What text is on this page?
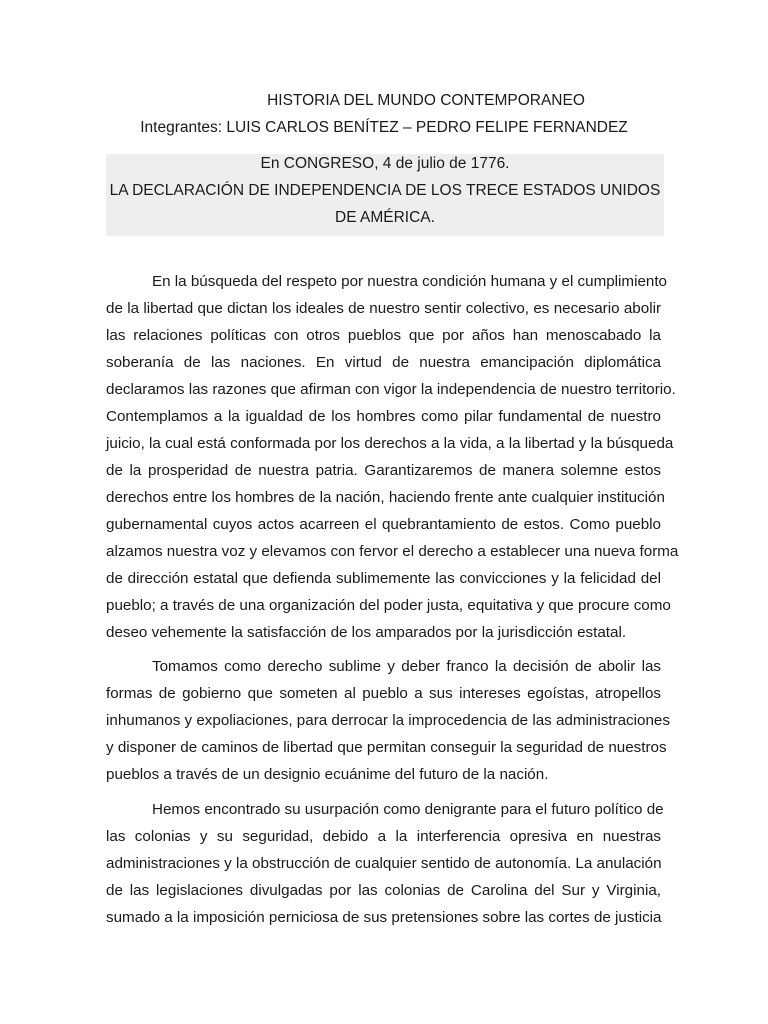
HISTORIA DEL MUNDO CONTEMPORANEO
Integrantes: LUIS CARLOS BENÍTEZ – PEDRO FELIPE FERNANDEZ
En CONGRESO, 4 de julio de 1776.
LA DECLARACIÓN DE INDEPENDENCIA DE LOS TRECE ESTADOS UNIDOS
DE AMÉRICA.
En la búsqueda del respeto por nuestra condición humana y el cumplimiento
de la libertad que dictan los ideales de nuestro sentir colectivo, es necesario abolir
las relaciones políticas con otros pueblos que por años han menoscabado la
soberanía de las naciones. En virtud de nuestra emancipación diplomática
declaramos las razones que afirman con vigor la independencia de nuestro territorio.
Contemplamos a la igualdad de los hombres como pilar fundamental de nuestro
juicio, la cual está conformada por los derechos a la vida, a la libertad y la búsqueda
de la prosperidad de nuestra patria. Garantizaremos de manera solemne estos
derechos entre los hombres de la nación, haciendo frente ante cualquier institución
gubernamental cuyos actos acarreen el quebrantamiento de estos. Como pueblo
alzamos nuestra voz y elevamos con fervor el derecho a establecer una nueva forma
de dirección estatal que defienda sublimemente las convicciones y la felicidad del
pueblo; a través de una organización del poder justa, equitativa y que procure como
deseo vehemente la satisfacción de los amparados por la jurisdicción estatal.
Tomamos como derecho sublime y deber franco la decisión de abolir las
formas de gobierno que someten al pueblo a sus intereses egoístas, atropellos
inhumanos y expoliaciones, para derrocar la improcedencia de las administraciones
y disponer de caminos de libertad que permitan conseguir la seguridad de nuestros
pueblos a través de un designio ecuánime del futuro de la nación.
Hemos encontrado su usurpación como denigrante para el futuro político de
las colonias y su seguridad, debido a la interferencia opresiva en nuestras
administraciones y la obstrucción de cualquier sentido de autonomía. La anulación
de las legislaciones divulgadas por las colonias de Carolina del Sur y Virginia,
sumado a la imposición perniciosa de sus pretensiones sobre las cortes de justicia
